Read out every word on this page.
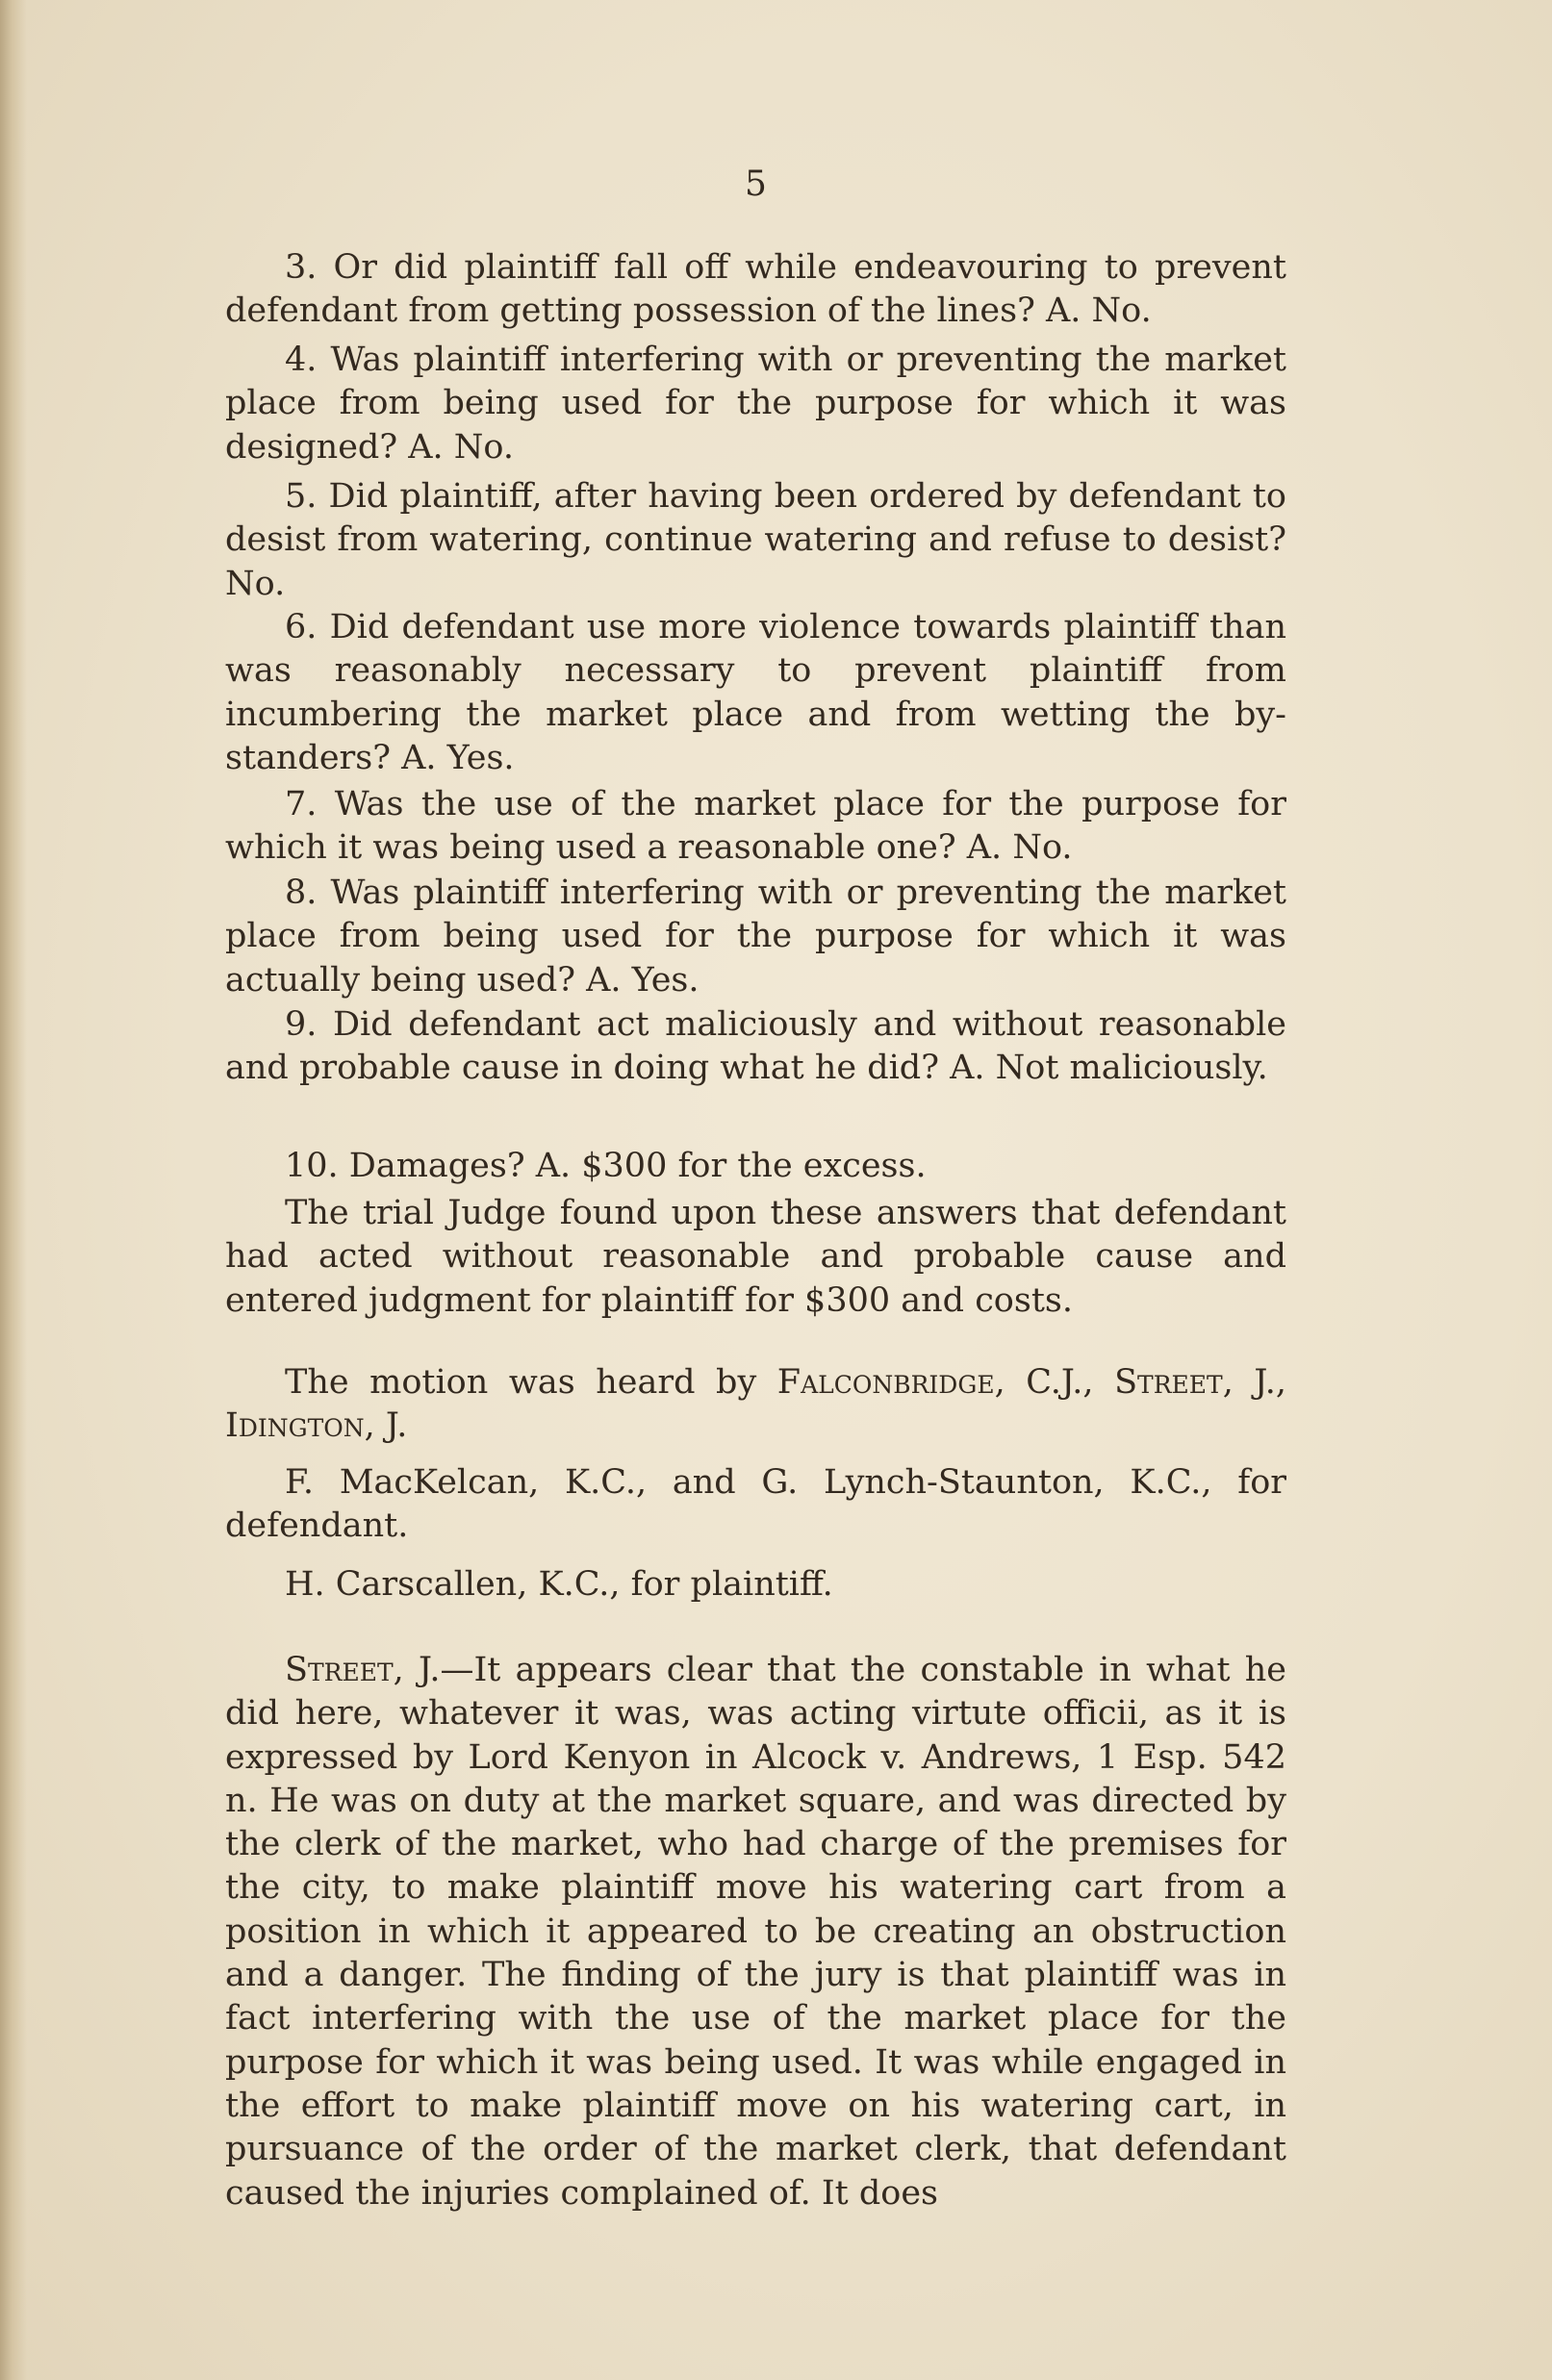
5

3. Or did plaintiff fall off while endeavouring to prevent defendant from getting possession of the lines? A. No.

4. Was plaintiff interfering with or preventing the market place from being used for the purpose for which it was designed? A. No.

5. Did plaintiff, after having been ordered by defendant to desist from watering, continue watering and refuse to desist? No.

6. Did defendant use more violence towards plaintiff than was reasonably necessary to prevent plaintiff from incumbering the market place and from wetting the by-standers? A. Yes.

7. Was the use of the market place for the purpose for which it was being used a reasonable one? A. No.

8. Was plaintiff interfering with or preventing the market place from being used for the purpose for which it was actually being used? A. Yes.

9. Did defendant act maliciously and without reasonable and probable cause in doing what he did? A. Not maliciously.

10. Damages? A. $300 for the excess.

The trial Judge found upon these answers that defendant had acted without reasonable and probable cause and entered judgment for plaintiff for $300 and costs.

The motion was heard by Falconbridge, C.J., Street, J., Idington, J.

F. MacKelcan, K.C., and G. Lynch-Staunton, K.C., for defendant.

H. Carscallen, K.C., for plaintiff.

Street, J.—It appears clear that the constable in what he did here, whatever it was, was acting virtute officii, as it is expressed by Lord Kenyon in Alcock v. Andrews, 1 Esp. 542 n. He was on duty at the market square, and was directed by the clerk of the market, who had charge of the premises for the city, to make plaintiff move his watering cart from a position in which it appeared to be creating an obstruction and a danger. The finding of the jury is that plaintiff was in fact interfering with the use of the market place for the purpose for which it was being used. It was while engaged in the effort to make plaintiff move on his watering cart, in pursuance of the order of the market clerk, that defendant caused the injuries complained of. It does
